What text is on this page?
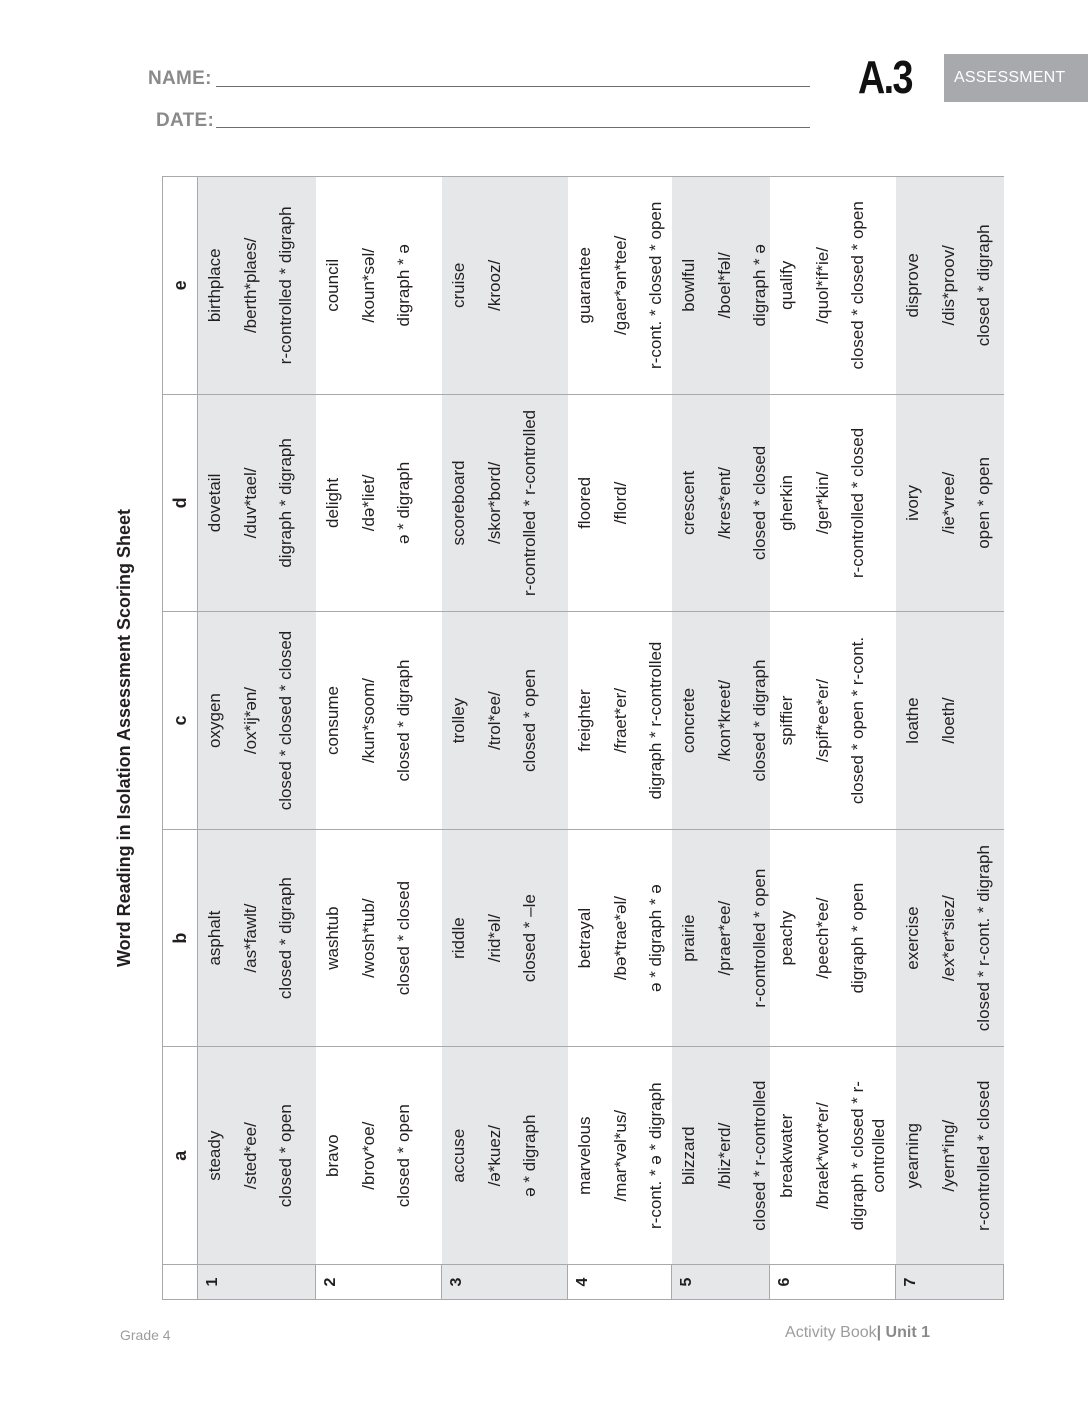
NAME:
DATE:
A.3	ASSESSMENT
Word Reading in Isolation Assessment Scoring Sheet
	a	b	c	d	e
1	steady /sted*ee/ closed * open	asphalt /as*fawlt/ closed * digraph	oxygen /ox*ij*ən/ closed * closed * closed	dovetail /duv*tael/ digraph * digraph	birthplace /berth*plaes/ r-controlled * digraph

2	bravo /brov*oe/ closed * open	washtub /wosh*tub/ closed * closed	consume /kun*soom/ closed * digraph	delight /də*liet/ ə * digraph	council /koun*səl/ digraph * ə

3	accuse /ə*kuez/ ə * digraph	riddle /rid*əl/ closed * –le	trolley /trol*ee/ closed * open	scoreboard /skor*bord/ r-controlled * r-controlled	cruise /krooz/

4	marvelous /mar*vəl*us/ r-cont. * ə * digraph	betrayal /bə*trae*əl/ ə * digraph * ə	freighter /fraet*er/ digraph * r-controlled	floored /flord/	guarantee /gaer*ən*tee/ r-cont. * closed * open

5	blizzard /bliz*erd/ closed * r-controlled	prairie /praer*ee/ r-controlled * open	concrete /kon*kreet/ closed * digraph	crescent /kres*ent/ closed * closed	bowlful /boel*fəl/ digraph * ə

6	breakwater /braek*wot*er/ digraph * closed * r-controlled	peachy /peech*ee/ digraph * open	spiffier /spif*ee*er/ closed * open * r-cont.	gherkin /ger*kin/ r-controlled * closed	qualify /quol*if*ie/ closed * closed * open

7	yearning /yern*ing/ r-controlled * closed	exercise /ex*er*siez/ closed * r-cont. * digraph	loathe /loeth/	ivory /ie*vree/ open * open	disprove /dis*proov/ closed * digraph
Grade 4	Activity Book| Unit 1
